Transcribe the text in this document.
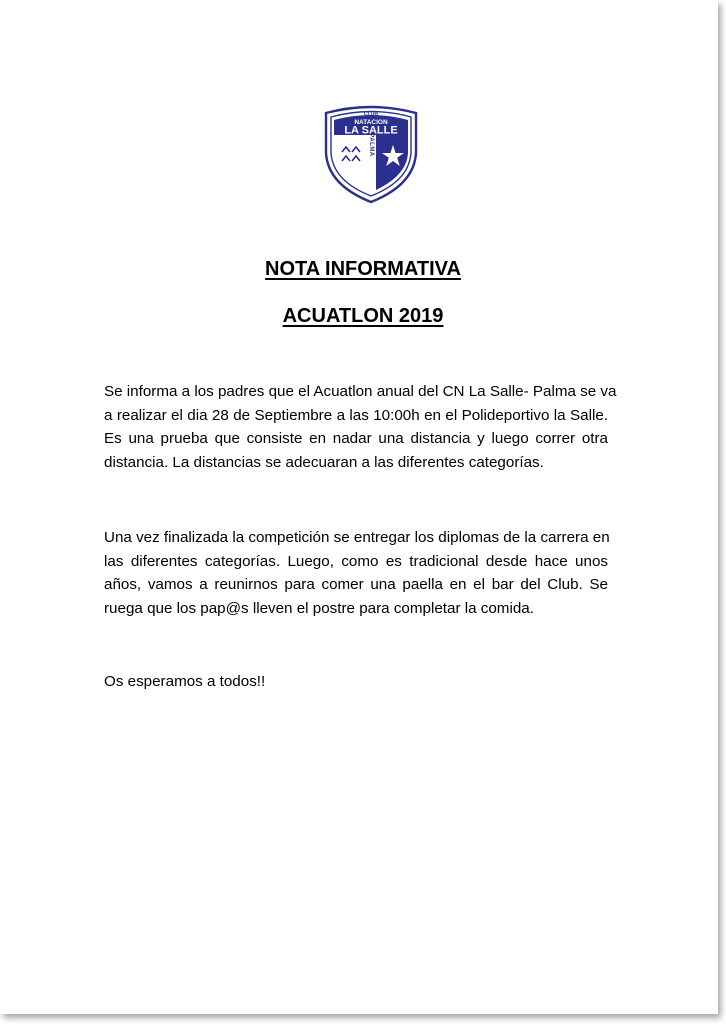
CLUB
NATACION
LA SALLE
PALMA
NOTA INFORMATIVA
ACUATLON 2019
Se informa a los padres que el Acuatlon anual del CN La Salle- Palma se va
a realizar el dia 28 de Septiembre a las 10:00h en el Polideportivo la Salle.
Es una prueba que consiste en nadar una distancia y luego correr otra
distancia. La distancias se adecuaran a las diferentes categorías.
Una vez finalizada la competición se entregar los diplomas de la carrera en
las diferentes categorías. Luego, como es tradicional desde hace unos
años, vamos a reunirnos para comer una paella en el bar del Club. Se
ruega que los pap@s lleven el postre para completar la comida.
Os esperamos a todos!!
